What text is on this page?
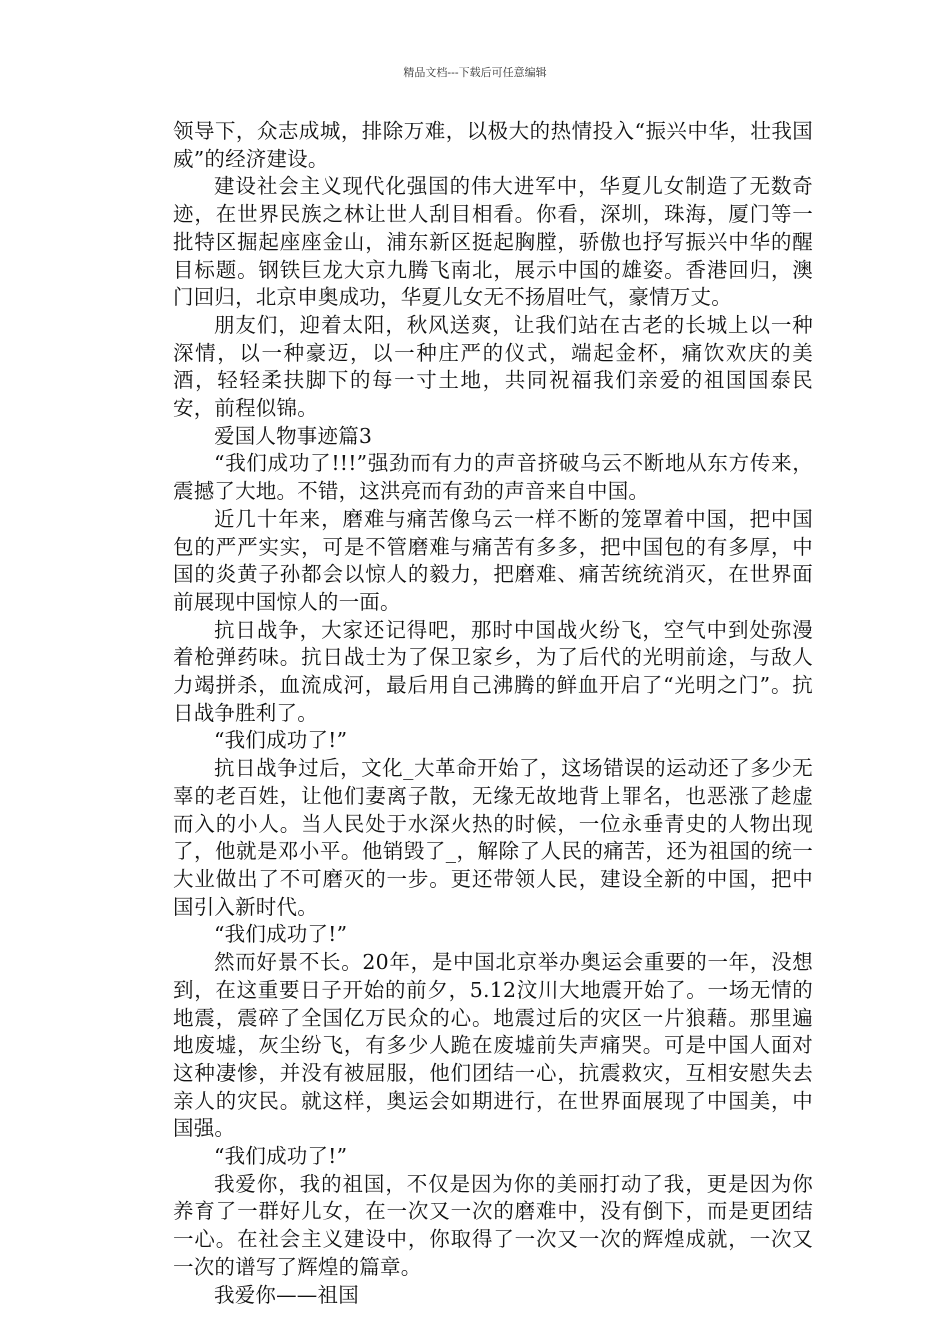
精品文档---下载后可任意编辑

领导下，众志成城，排除万难，以极大的热情投入“振兴中华，壮我国威”的经济建设。

建设社会主义现代化强国的伟大进军中，华夏儿女制造了无数奇迹，在世界民族之林让世人刮目相看。你看，深圳，珠海，厦门等一批特区掘起座座金山，浦东新区挺起胸膛，骄傲也抒写振兴中华的醒目标题。钢铁巨龙大京九腾飞南北，展示中国的雄姿。香港回归，澳门回归，北京申奥成功，华夏儿女无不扬眉吐气，豪情万丈。

朋友们，迎着太阳，秋风送爽，让我们站在古老的长城上以一种深情，以一种豪迈，以一种庄严的仪式，端起金杯，痛饮欢庆的美酒，轻轻柔扶脚下的每一寸土地，共同祝福我们亲爱的祖国国泰民安，前程似锦。

爱国人物事迹篇3

“我们成功了!!!”强劲而有力的声音挤破乌云不断地从东方传来，震撼了大地。不错，这洪亮而有劲的声音来自中国。

近几十年来，磨难与痛苦像乌云一样不断的笼罩着中国，把中国包的严严实实，可是不管磨难与痛苦有多多，把中国包的有多厚，中国的炎黄子孙都会以惊人的毅力，把磨难、痛苦统统消灭，在世界面前展现中国惊人的一面。

抗日战争，大家还记得吧，那时中国战火纷飞，空气中到处弥漫着枪弹药味。抗日战士为了保卫家乡，为了后代的光明前途，与敌人力竭拼杀，血流成河，最后用自己沸腾的鲜血开启了“光明之门”。抗日战争胜利了。

“我们成功了!”

抗日战争过后，文化_大革命开始了，这场错误的运动还了多少无辜的老百姓，让他们妻离子散，无缘无故地背上罪名，也恶涨了趁虚而入的小人。当人民处于水深火热的时候，一位永垂青史的人物出现了，他就是邓小平。他销毁了_，解除了人民的痛苦，还为祖国的统一大业做出了不可磨灭的一步。更还带领人民，建设全新的中国，把中国引入新时代。

“我们成功了!”

然而好景不长。20年，是中国北京举办奥运会重要的一年，没想到，在这重要日子开始的前夕，5.12汶川大地震开始了。一场无情的地震，震碎了全国亿万民众的心。地震过后的灾区一片狼藉。那里遍地废墟，灰尘纷飞，有多少人跪在废墟前失声痛哭。可是中国人面对这种凄惨，并没有被屈服，他们团结一心，抗震救灾，互相安慰失去亲人的灾民。就这样，奥运会如期进行，在世界面展现了中国美，中国强。

“我们成功了!”

我爱你，我的祖国，不仅是因为你的美丽打动了我，更是因为你养育了一群好儿女，在一次又一次的磨难中，没有倒下，而是更团结一心。在社会主义建设中，你取得了一次又一次的辉煌成就，一次又一次的谱写了辉煌的篇章。

我爱你——祖国
